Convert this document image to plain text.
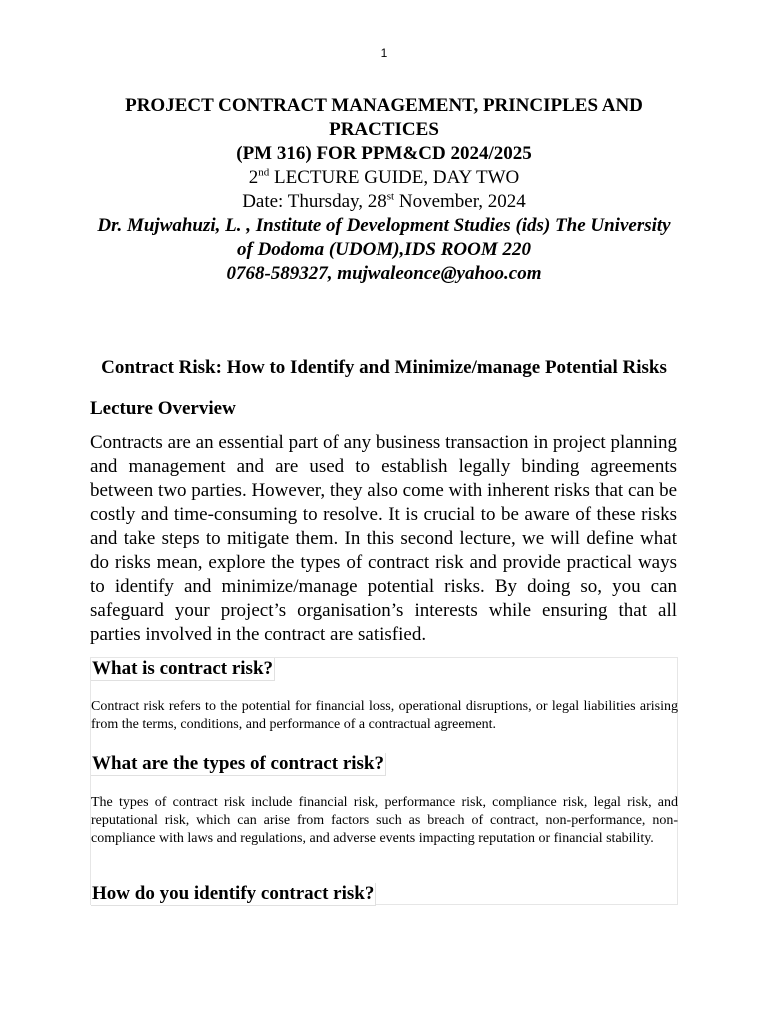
1
PROJECT CONTRACT MANAGEMENT, PRINCIPLES AND PRACTICES
(PM 316) FOR PPM&CD 2024/2025
2nd LECTURE GUIDE, DAY TWO
Date: Thursday, 28st November, 2024
Dr. Mujwahuzi, L. , Institute of Development Studies (ids) The University of Dodoma (UDOM),IDS ROOM 220
0768-589327, mujwaleonce@yahoo.com
Contract Risk: How to Identify and Minimize/manage Potential Risks
Lecture Overview

Contracts are an essential part of any business transaction in project planning and management and are used to establish legally binding agreements between two parties. However, they also come with inherent risks that can be costly and time-consuming to resolve. It is crucial to be aware of these risks and take steps to mitigate them. In this second lecture, we will define what do risks mean, explore the types of contract risk and provide practical ways to identify and minimize/manage potential risks. By doing so, you can safeguard your project’s organisation’s interests while ensuring that all parties involved in the contract are satisfied.

What is contract risk?

Contract risk refers to the potential for financial loss, operational disruptions, or legal liabilities arising from the terms, conditions, and performance of a contractual agreement.

What are the types of contract risk?

The types of contract risk include financial risk, performance risk, compliance risk, legal risk, and reputational risk, which can arise from factors such as breach of contract, non-performance, non-compliance with laws and regulations, and adverse events impacting reputation or financial stability.

How do you identify contract risk?
